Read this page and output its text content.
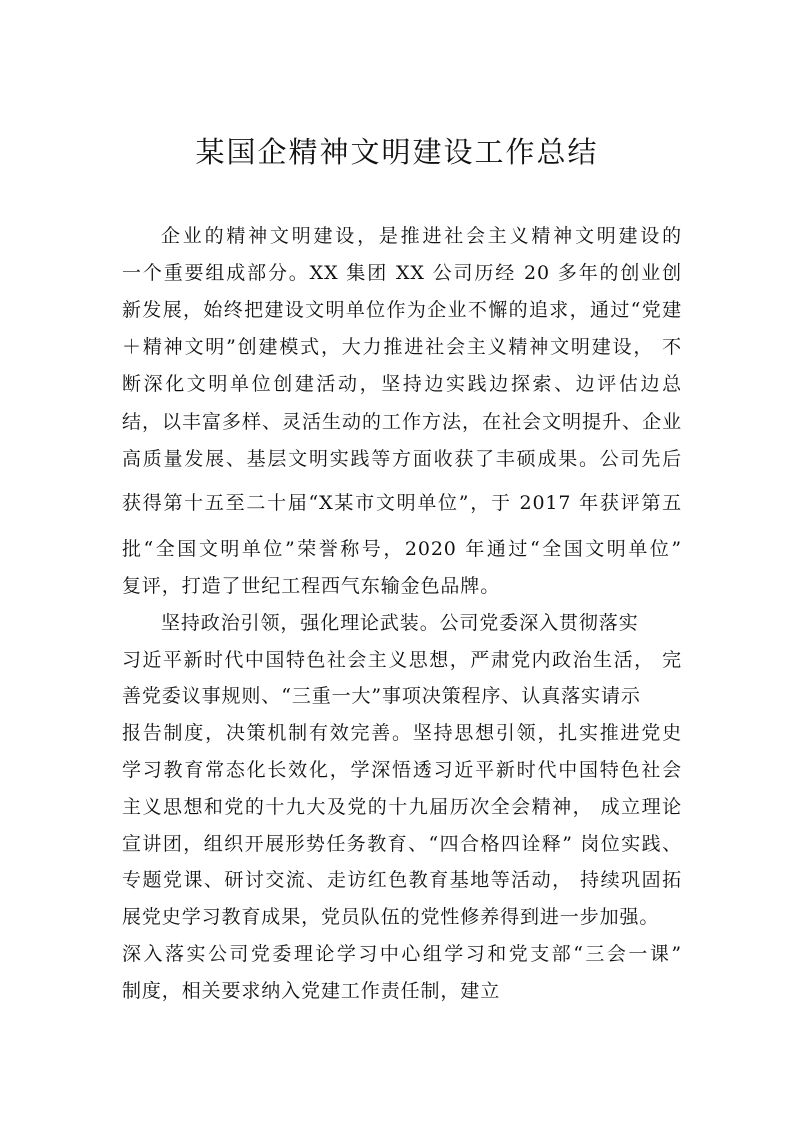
某国企精神文明建设工作总结
企业的精神文明建设，是推进社会主义精神文明建设的
一个重要组成部分。XX 集团 XX 公司历经 20 多年的创业创
新发展，始终把建设文明单位作为企业不懈的追求，通过“党建
＋精神文明”创建模式，大力推进社会主义精神文明建设， 不
断深化文明单位创建活动，坚持边实践边探索、边评估边总
结，以丰富多样、灵活生动的工作方法，在社会文明提升、企业
高质量发展、基层文明实践等方面收获了丰硕成果。公司先后
获得第十五至二十届“X某市文明单位”，于 2017 年获评第五
批“全国文明单位”荣誉称号，2020 年通过“全国文明单位”
复评，打造了世纪工程西气东输金色品牌。
坚持政治引领，强化理论武装。公司党委深入贯彻落实
习近平新时代中国特色社会主义思想，严肃党内政治生活， 完
善党委议事规则、“三重一大”事项决策程序、认真落实请示
报告制度，决策机制有效完善。坚持思想引领，扎实推进党史
学习教育常态化长效化，学深悟透习近平新时代中国特色社会
主义思想和党的十九大及党的十九届历次全会精神， 成立理论
宣讲团，组织开展形势任务教育、“四合格四诠释” 岗位实践、
专题党课、研讨交流、走访红色教育基地等活动， 持续巩固拓
展党史学习教育成果，党员队伍的党性修养得到进一步加强。
深入落实公司党委理论学习中心组学习和党支部“三会一课”
制度，相关要求纳入党建工作责任制，建立
